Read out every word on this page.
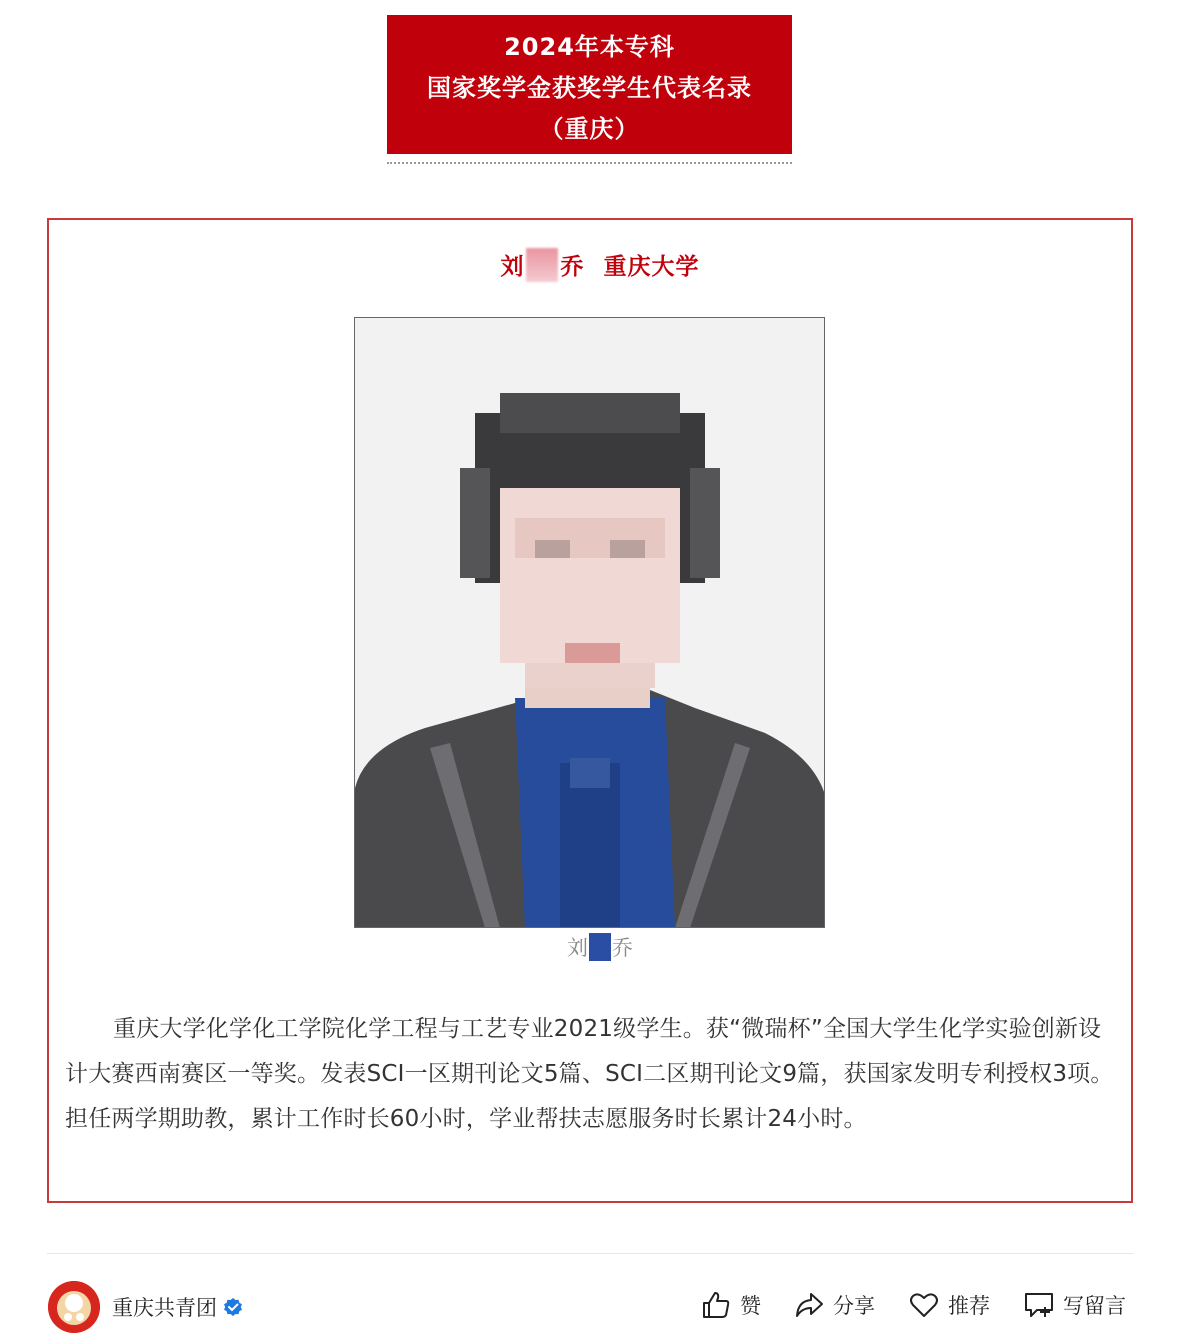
2024年本专科
国家奖学金获奖学生代表名录
（重庆）
刘 乔 重庆大学
刘 乔
重庆大学化学化工学院化学工程与工艺专业2021级学生。获“微瑞杯”全国大学生化学实验创新设计大赛西南赛区一等奖。发表SCI一区期刊论文5篇、SCI二区期刊论文9篇，获国家发明专利授权3项。担任两学期助教，累计工作时长60小时，学业帮扶志愿服务时长累计24小时。
重庆共青团	赞	分享	推荐	写留言
